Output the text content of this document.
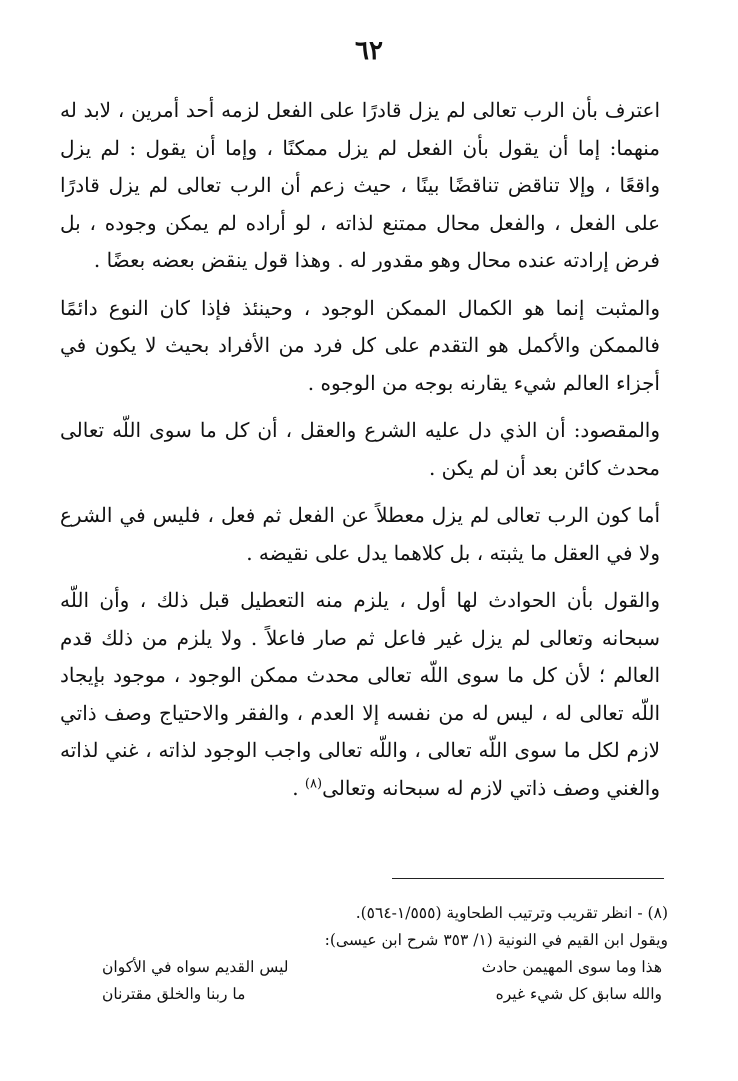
٦٢

اعترف بأن الرب تعالى لم يزل قادرًا على الفعل لزمه أحد أمرين ، لابد له منهما: إما أن يقول بأن الفعل لم يزل ممكنًا ، وإما أن يقول : لم يزل واقعًا ، وإلا تناقض تناقضًا بينًا ، حيث زعم أن الرب تعالى لم يزل قادرًا على الفعل ، والفعل محال ممتنع لذاته ، لو أراده لم يمكن وجوده ، بل فرض إرادته عنده محال وهو مقدور له . وهذا قول ينقض بعضه بعضًا .

والمثبت إنما هو الكمال الممكن الوجود ، وحينئذ فإذا كان النوع دائمًا فالممكن والأكمل هو التقدم على كل فرد من الأفراد بحيث لا يكون في أجزاء العالم شيء يقارنه بوجه من الوجوه .

والمقصود: أن الذي دل عليه الشرع والعقل ، أن كل ما سوى اللّه تعالى محدث كائن بعد أن لم يكن .

أما كون الرب تعالى لم يزل معطلاً عن الفعل ثم فعل ، فليس في الشرع ولا في العقل ما يثبته ، بل كلاهما يدل على نقيضه .

والقول بأن الحوادث لها أول ، يلزم منه التعطيل قبل ذلك ، وأن اللّه سبحانه وتعالى لم يزل غير فاعل ثم صار فاعلاً . ولا يلزم من ذلك قدم العالم ؛ لأن كل ما سوى اللّه تعالى محدث ممكن الوجود ، موجود بإيجاد اللّه تعالى له ، ليس له من نفسه إلا العدم ، والفقر والاحتياج وصف ذاتي لازم لكل ما سوى اللّه تعالى ، واللّه تعالى واجب الوجود لذاته ، غني لذاته والغني وصف ذاتي لازم له سبحانه وتعالى$^{(٨)}$ .

(٨) - انظر تقريب وترتيب الطحاوية (١/٥٥٥-٥٦٤).

ويقول ابن القيم في النونية (١/ ٣٥٣ شرح ابن عيسى):

هذا وما سوى المهيمن حادث
ليس القديم سواه في الأكوان
والله سابق كل شيء غيره
ما ربنا والخلق مقترنان
